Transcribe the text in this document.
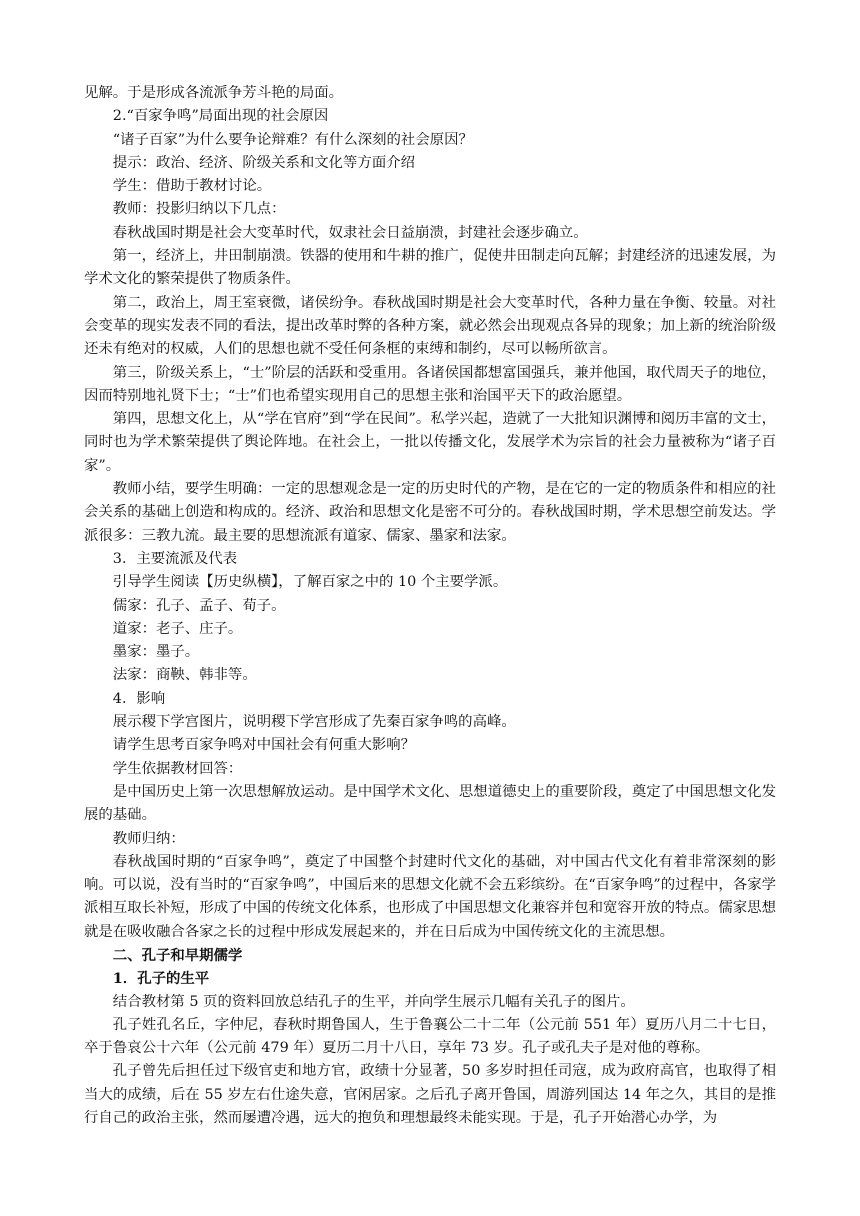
见解。于是形成各流派争芳斗艳的局面。

2.“百家争鸣”局面出现的社会原因

“诸子百家”为什么要争论辩难？有什么深刻的社会原因？

提示：政治、经济、阶级关系和文化等方面介绍

学生：借助于教材讨论。

教师：投影归纳以下几点：

春秋战国时期是社会大变革时代，奴隶社会日益崩溃，封建社会逐步确立。

第一，经济上，井田制崩溃。铁器的使用和牛耕的推广，促使井田制走向瓦解；封建经济的迅速发展，为学术文化的繁荣提供了物质条件。

第二，政治上，周王室衰微，诸侯纷争。春秋战国时期是社会大变革时代，各种力量在争衡、较量。对社会变革的现实发表不同的看法，提出改革时弊的各种方案，就必然会出现观点各异的现象；加上新的统治阶级还未有绝对的权威，人们的思想也就不受任何条框的束缚和制约，尽可以畅所欲言。

第三，阶级关系上，“士”阶层的活跃和受重用。各诸侯国都想富国强兵，兼并他国，取代周天子的地位，因而特别地礼贤下士；“士”们也希望实现用自己的思想主张和治国平天下的政治愿望。

第四，思想文化上，从“学在官府”到“学在民间”。私学兴起，造就了一大批知识渊博和阅历丰富的文士，同时也为学术繁荣提供了舆论阵地。在社会上，一批以传播文化，发展学术为宗旨的社会力量被称为“诸子百家”。

教师小结，要学生明确：一定的思想观念是一定的历史时代的产物，是在它的一定的物质条件和相应的社会关系的基础上创造和构成的。经济、政治和思想文化是密不可分的。春秋战国时期，学术思想空前发达。学派很多：三教九流。最主要的思想流派有道家、儒家、墨家和法家。

3．主要流派及代表

引导学生阅读【历史纵横】，了解百家之中的 10 个主要学派。

儒家：孔子、孟子、荀子。

道家：老子、庄子。

墨家：墨子。

法家：商鞅、韩非等。

4．影响

展示稷下学宫图片，说明稷下学宫形成了先秦百家争鸣的高峰。

请学生思考百家争鸣对中国社会有何重大影响？

学生依据教材回答：

是中国历史上第一次思想解放运动。是中国学术文化、思想道德史上的重要阶段，奠定了中国思想文化发展的基础。

教师归纳：

春秋战国时期的“百家争鸣”，奠定了中国整个封建时代文化的基础，对中国古代文化有着非常深刻的影响。可以说，没有当时的“百家争鸣”，中国后来的思想文化就不会五彩缤纷。在“百家争鸣”的过程中，各家学派相互取长补短，形成了中国的传统文化体系，也形成了中国思想文化兼容并包和宽容开放的特点。儒家思想就是在吸收融合各家之长的过程中形成发展起来的，并在日后成为中国传统文化的主流思想。

二、孔子和早期儒学

1．孔子的生平

结合教材第 5 页的资料回放总结孔子的生平，并向学生展示几幅有关孔子的图片。

孔子姓孔名丘，字仲尼，春秋时期鲁国人，生于鲁襄公二十二年（公元前 551 年）夏历八月二十七日，卒于鲁哀公十六年（公元前 479 年）夏历二月十八日，享年 73 岁。孔子或孔夫子是对他的尊称。

孔子曾先后担任过下级官吏和地方官，政绩十分显著，50 多岁时担任司寇，成为政府高官，也取得了相当大的成绩，后在 55 岁左右仕途失意，官闲居家。之后孔子离开鲁国，周游列国达 14 年之久，其目的是推行自己的政治主张，然而屡遭冷遇，远大的抱负和理想最终未能实现。于是，孔子开始潜心办学，为
